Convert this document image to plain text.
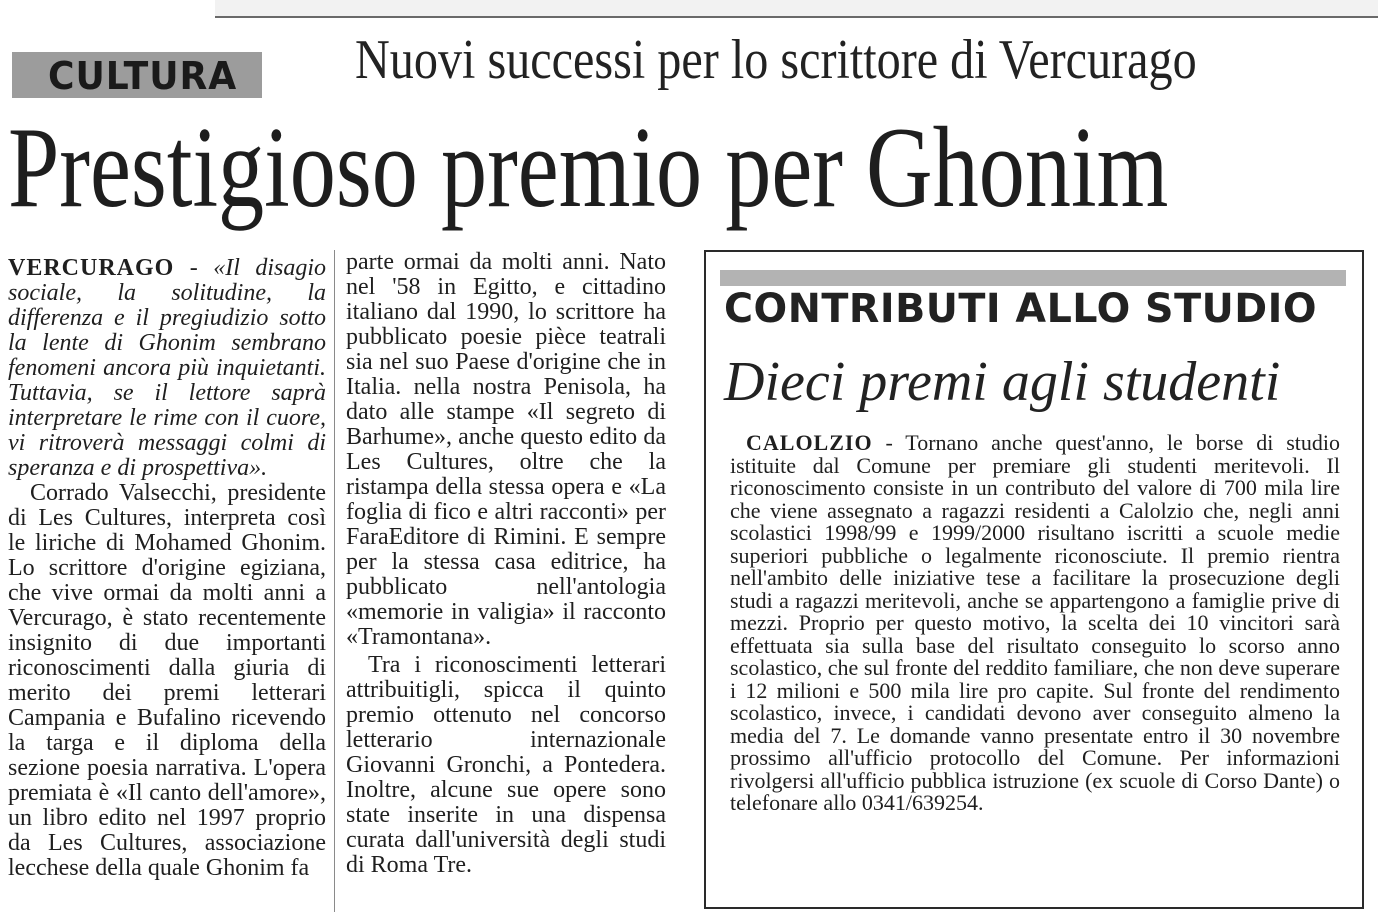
CULTURA Nuovi successi per lo scrittore di Vercurago
Prestigioso premio per Ghonim

VERCURAGO - «Il disagio sociale, la solitudine, la differenza e il pregiudizio sotto la lente di Ghonim sembrano fenomeni ancora più inquietanti. Tuttavia, se il lettore saprà interpretare le rime con il cuore, vi ritroverà messaggi colmi di speranza e di prospettiva».

Corrado Valsecchi, presidente di Les Cultures, interpreta così le liriche di Mohamed Ghonim. Lo scrittore d'origine egiziana, che vive ormai da molti anni a Vercurago, è stato recentemente insignito di due importanti riconoscimenti dalla giuria di merito dei premi letterari Campania e Bufalino ricevendo la targa e il diploma della sezione poesia narrativa. L'opera premiata è «Il canto dell'amore», un libro edito nel 1997 proprio da Les Cultures, associazione lecchese della quale Ghonim fa

parte ormai da molti anni. Nato nel '58 in Egitto, e cittadino italiano dal 1990, lo scrittore ha pubblicato poesie pièce teatrali sia nel suo Paese d'origine che in Italia. nella nostra Penisola, ha dato alle stampe «Il segreto di Barhume», anche questo edito da Les Cultures, oltre che la ristampa della stessa opera e «La foglia di fico e altri racconti» per FaraEditore di Rimini. E sempre per la stessa casa editrice, ha pubblicato nell'antologia «memorie in valigia» il racconto «Tramontana».

Tra i riconoscimenti letterari attribuitigli, spicca il quinto premio ottenuto nel concorso letterario internazionale Giovanni Gronchi, a Pontedera. Inoltre, alcune sue opere sono state inserite in una dispensa curata dall'università degli studi di Roma Tre.

CONTRIBUTI ALLO STUDIO
Dieci premi agli studenti

CALOLZIO - Tornano anche quest'anno, le borse di studio istituite dal Comune per premiare gli studenti meritevoli. Il riconoscimento consiste in un contributo del valore di 700 mila lire che viene assegnato a ragazzi residenti a Calolzio che, negli anni scolastici 1998/99 e 1999/2000 risultano iscritti a scuole medie superiori pubbliche o legalmente riconosciute. Il premio rientra nell'ambito delle iniziative tese a facilitare la prosecuzione degli studi a ragazzi meritevoli, anche se appartengono a famiglie prive di mezzi. Proprio per questo motivo, la scelta dei 10 vincitori sarà effettuata sia sulla base del risultato conseguito lo scorso anno scolastico, che sul fronte del reddito familiare, che non deve superare i 12 milioni e 500 mila lire pro capite. Sul fronte del rendimento scolastico, invece, i candidati devono aver conseguito almeno la media del 7. Le domande vanno presentate entro il 30 novembre prossimo all'ufficio protocollo del Comune. Per informazioni rivolgersi all'ufficio pubblica istruzione (ex scuole di Corso Dante) o telefonare allo 0341/639254.
